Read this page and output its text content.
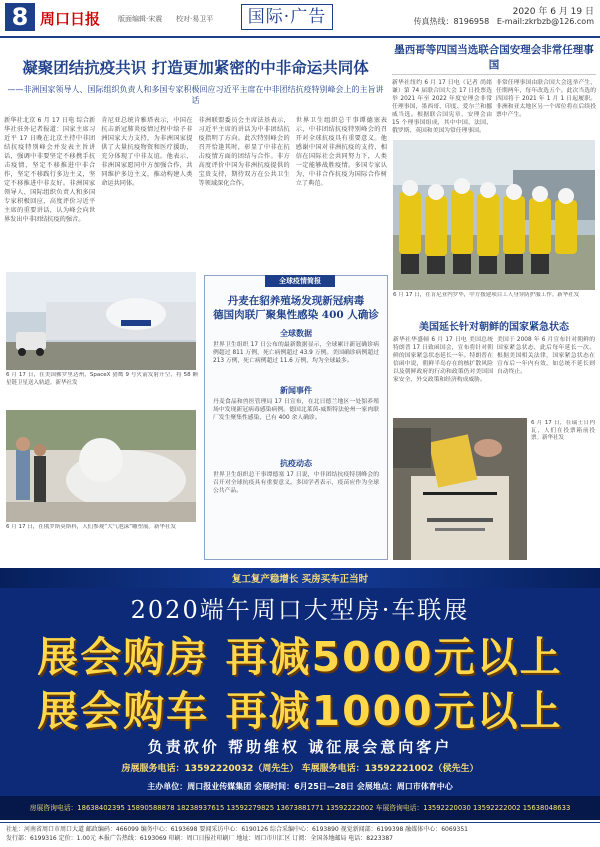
8 周口日报	版面编辑·宋震 校对·易卫平	国际·广告	2020 年 6 月 19 日
传真热线：8196958 E-mail:zkrbzb@126.com
凝聚团结抗疫共识 打造更加紧密的中非命运共同体
——非洲国家领导人、国际组织负责人和多国专家积极回应习近平主席在中非团结抗疫特别峰会上的主旨讲话
新华社北京 6 月 17 日电 综合新华社驻外记者报道：国家主席习近平 17 日晚在北京主持中非团结抗疫特别峰会并发表主旨讲话，强调中非要坚定不移携手抗击疫情，坚定不移推进中非合作，坚定不移践行多边主义，坚定不移推进中非友好。非洲国家领导人、国际组织负责人和多国专家积极回应，高度评价习近平主席的重要讲话，认为峰会向世界发出中非团结抗疫的强音。
肯尼亚总统肯雅塔表示，中国在抗击新冠肺炎疫情过程中给予非洲国家大力支持，为非洲国家提供了大量抗疫物资和医疗援助，充分体现了中非友谊。他表示，非洲国家愿同中方加强合作，共同维护多边主义，推动构建人类命运共同体。
非洲联盟委员会主席法基表示，习近平主席的讲话为中非团结抗疫指明了方向。此次特别峰会的召开恰逢其时，彰显了中非在抗击疫情方面的团结与合作。非方高度评价中国为非洲抗疫提供的宝贵支持，期待双方在公共卫生等领域深化合作。
世界卫生组织总干事谭德塞表示，中非团结抗疫特别峰会的召开对全球抗疫具有重要意义。他感谢中国对非洲抗疫的支持，相信在国际社会共同努力下，人类一定能够战胜疫情。多国专家认为，中非合作抗疫为国际合作树立了典范。
墨西哥等四国当选联合国安理会非常任理事国
新华社纽约 6 月 17 日电（记者 尚绪谦）第 74 届联合国大会 17 日投票选举 2021 年至 2022 年度安理会非常任理事国，墨西哥、印度、爱尔兰和挪威当选。根据联合国宪章，安理会由 15 个理事国组成，其中中国、法国、俄罗斯、英国和美国为常任理事国。
非常任理事国由联合国大会选举产生，任期两年，每年改选五个。此次当选的四国将于 2021 年 1 月 1 日起履职。非洲和亚太地区另一个席位将在后续投票中产生。
6 月 17 日，在肯尼亚内罗毕，中方援建项目工人身穿防护服工作。新华社发
美国延长针对朝鲜的国家紧急状态
新华社华盛顿 6 月 17 日电 美国总统特朗普 17 日致函国会，宣布将针对朝鲜的国家紧急状态延长一年。特朗普在信函中说，朝鲜半岛存在的核扩散风险以及朝鲜政府的行动和政策仍对美国国家安全、外交政策和经济构成威胁。
美国于 2008 年 6 月宣布针对朝鲜的国家紧急状态，此后每年延长一次。根据美国相关法律，国家紧急状态在宣布后一年内有效，如总统不延长则自动终止。
6 月 17 日，在瑞士日内瓦，人们在投票箱前投票。新华社发
6 月 17 日，在美国佛罗里达州，SpaceX 猎鹰 9 号火箭发射升空，将 58 颗星链卫星送入轨道。新华社发
6 月 17 日，在俄罗斯莫斯科，人们参观“大气泡沫”雕塑展。新华社发
全球疫情简报
丹麦在貂养殖场发现新冠病毒
德国肉联厂聚集性感染 400 人确诊
全球数据
世界卫生组织 17 日公布的最新数据显示，全球累计新冠确诊病例超过 811 万例，死亡病例超过 43.9 万例。美国确诊病例超过 213 万例，死亡病例超过 11.6 万例，均为全球最多。
新闻事件
丹麦食品和兽医管理局 17 日宣布，在北日德兰地区一处貂养殖场中发现新冠病毒感染病例。德国北莱茵-威斯特法伦州一家肉联厂发生聚集性感染，已有 400 余人确诊。
抗疫动态
世界卫生组织总干事谭德塞 17 日说，中非团结抗疫特别峰会的召开对全球抗疫具有重要意义。多国学者表示，疫苗应作为全球公共产品。
复工复产稳增长 买房买车正当时
2020端午周口大型房·车联展
展会购房 再减5000元以上
展会购车 再减1000元以上
负责砍价 帮助维权 诚征展会意向客户
房展服务电话：13592220032（周先生） 车展服务电话：13592221002（侯先生）
主办单位：周口报业传媒集团 会展时间：6月25日—28日 会展地点：周口市体育中心
房展咨询电话：18638402395 15890588878 18238937615 13592279825 13673881771 13592222002 车展咨询电话：13592220030 13592222002 15638048633

社址：河南省周口市周口大道 邮政编码：466099 编务中心：6193698 要闻采访中心：6190126 综合采编中心：6193890 视觉新闻部：6199398 融媒体中心：6069351

发行部：6199316 定价：1.00元 本报广告热线：6193069 印刷：周口日报社印刷厂 地址：周口市川汇区 订阅：全国各地邮局 电话：8223387
